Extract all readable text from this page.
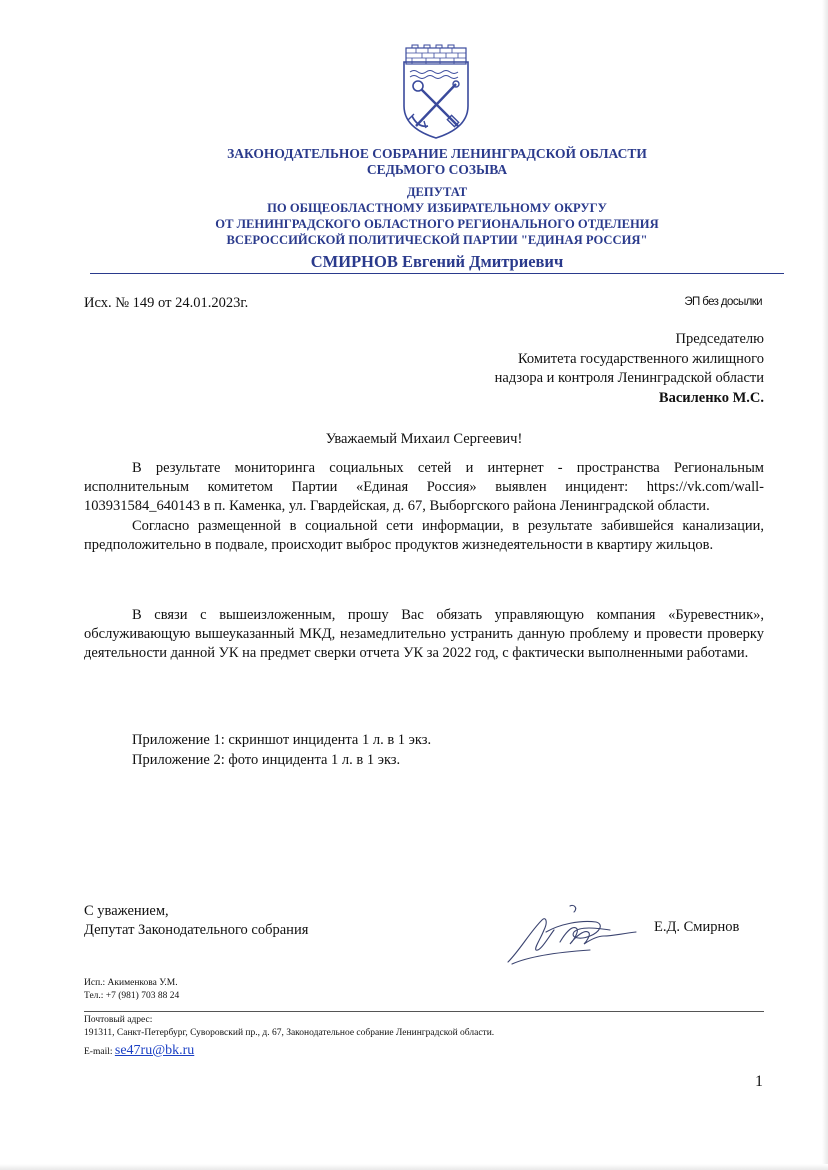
ЗАКОНОДАТЕЛЬНОЕ СОБРАНИЕ ЛЕНИНГРАДСКОЙ ОБЛАСТИ
СЕДЬМОГО СОЗЫВА
ДЕПУТАТ
ПО ОБЩЕОБЛАСТНОМУ ИЗБИРАТЕЛЬНОМУ ОКРУГУ
ОТ ЛЕНИНГРАДСКОГО ОБЛАСТНОГО РЕГИОНАЛЬНОГО ОТДЕЛЕНИЯ
ВСЕРОССИЙСКОЙ ПОЛИТИЧЕСКОЙ ПАРТИИ "ЕДИНАЯ РОССИЯ"
СМИРНОВ Евгений Дмитриевич
Исх. № 149 от 24.01.2023г.	ЭП без досылки
Председателю
Комитета государственного жилищного
надзора и контроля Ленинградской области
Василенко М.С.
Уважаемый Михаил Сергеевич!

В результате мониторинга социальных сетей и интернет - пространства Региональным исполнительным комитетом Партии «Единая Россия» выявлен инцидент: https://vk.com/wall-103931584_640143 в п. Каменка, ул. Гвардейская, д. 67, Выборгского района Ленинградской области.

Согласно размещенной в социальной сети информации, в результате забившейся канализации, предположительно в подвале, происходит выброс продуктов жизнедеятельности в квартиру жильцов.

В связи с вышеизложенным, прошу Вас обязать управляющую компания «Буревестник», обслуживающую вышеуказанный МКД, незамедлительно устранить данную проблему и провести проверку деятельности данной УК на предмет сверки отчета УК за 2022 год, с фактически выполненными работами.

Приложение 1: скриншот инцидента 1 л. в 1 экз.
Приложение 2: фото инцидента 1 л. в 1 экз.
С уважением,
Депутат Законодательного собрания	Е.Д. Смирнов
Исп.: Акименкова У.М.
Тел.: +7 (981) 703 88 24
Почтовый адрес:
191311, Санкт-Петербург, Суворовский пр., д. 67, Законодательное собрание Ленинградской области.
E-mail: se47ru@bk.ru
1
